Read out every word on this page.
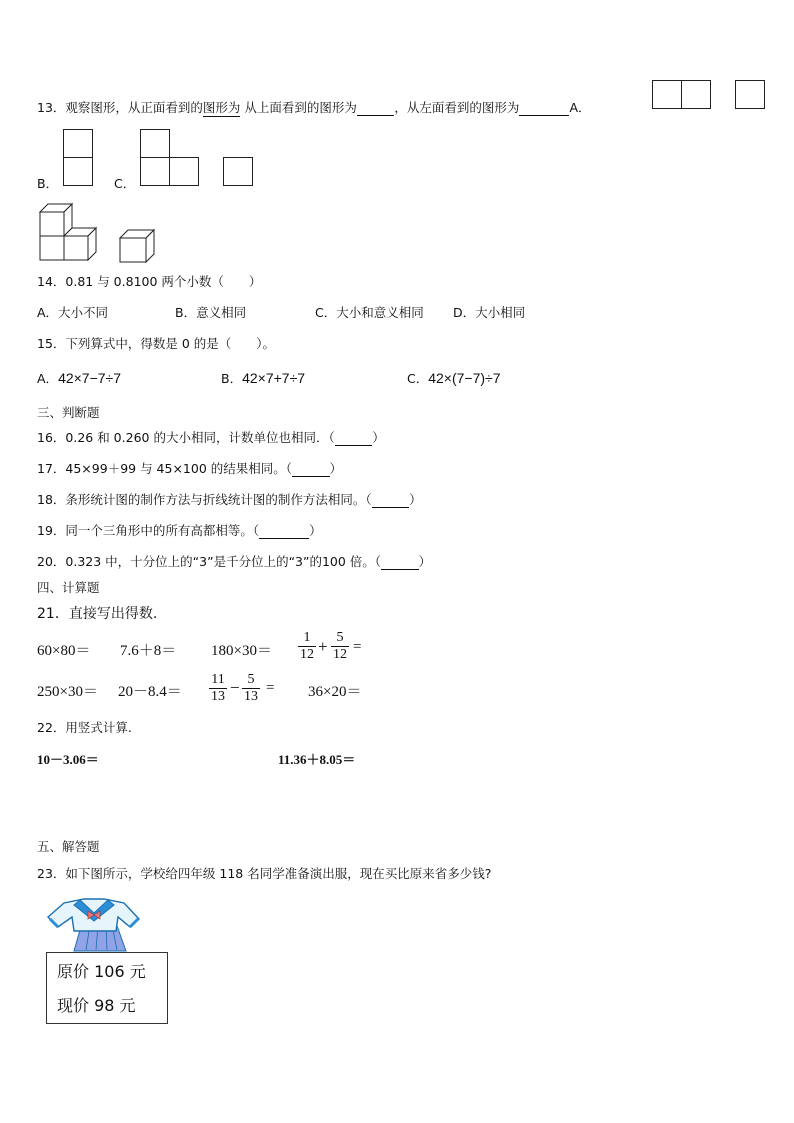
13．观察图形，从正面看到的图形为 从上面看到的图形为	，从左面看到的图形为	A．
B．	C．
14．0.81 与 0.8100 两个小数（　　）
A．大小不同	B．意义相同	C．大小和意义相同 D．大小相同
15．下列算式中，得数是 0 的是（　　）。
A．42×7−7÷7	B．42×7+7÷7	C．42×(7−7)÷7
三、判断题
16．0.26 和 0.260 的大小相同，计数单位也相同．（	）
17．45×99＋99 与 45×100 的结果相同。（	）
18．条形统计图的制作方法与折线统计图的制作方法相同。（	）
19．同一个三角形中的所有高都相等。（	）
20．0.323 中，十分位上的“3”是千分位上的“3”的100 倍。（	）
四、计算题
21．直接写出得数.
$60\times 80= 7.6+8= 180\times 30= \frac{1}{12} + \frac{5}{12}$ =
$250\times 30= 20-8.4= \frac{11}{13} - \frac{5}{13} = 36\times 20=$
22．用竖式计算.
10－3.06＝	11.36＋8.05＝
五、解答题
23．如下图所示，学校给四年级 118 名同学准备演出服，现在买比原来省多少钱?
原价 106 元
现价 98 元
